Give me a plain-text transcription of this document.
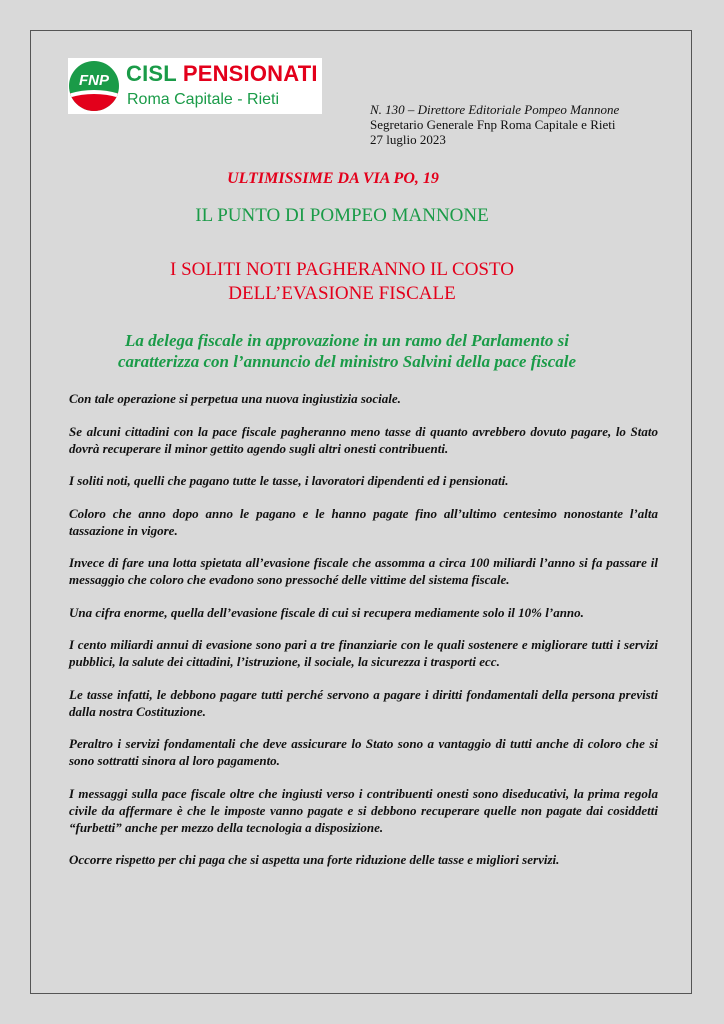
FNP CISL PENSIONATI
Roma Capitale - Rieti
N. 130 – Direttore Editoriale Pompeo Mannone
Segretario Generale Fnp Roma Capitale e Rieti
27 luglio 2023
ULTIMISSIME DA VIA PO, 19
IL PUNTO DI POMPEO MANNONE
I SOLITI NOTI PAGHERANNO IL COSTO
DELL’EVASIONE FISCALE
La delega fiscale in approvazione in un ramo del Parlamento si
caratterizza con l’annuncio del ministro Salvini della pace fiscale

Con tale operazione si perpetua una nuova ingiustizia sociale.

Se alcuni cittadini con la pace fiscale pagheranno meno tasse di quanto avrebbero dovuto pagare, lo Stato dovrà recuperare il minor gettito agendo sugli altri onesti contribuenti.

I soliti noti, quelli che pagano tutte le tasse, i lavoratori dipendenti ed i pensionati.

Coloro che anno dopo anno le pagano e le hanno pagate fino all’ultimo centesimo nonostante l’alta tassazione in vigore.

Invece di fare una lotta spietata all’evasione fiscale che assomma a circa 100 miliardi l’anno si fa passare il messaggio che coloro che evadono sono pressoché delle vittime del sistema fiscale.

Una cifra enorme, quella dell’evasione fiscale di cui si recupera mediamente solo il 10% l’anno.

I cento miliardi annui di evasione sono pari a tre finanziarie con le quali sostenere e migliorare tutti i servizi pubblici, la salute dei cittadini, l’istruzione, il sociale, la sicurezza i trasporti ecc.

Le tasse infatti, le debbono pagare tutti perché servono a pagare i diritti fondamentali della persona previsti dalla nostra Costituzione.

Peraltro i servizi fondamentali che deve assicurare lo Stato sono a vantaggio di tutti anche di coloro che si sono sottratti sinora al loro pagamento.

I messaggi sulla pace fiscale oltre che ingiusti verso i contribuenti onesti sono diseducativi, la prima regola civile da affermare è che le imposte vanno pagate e si debbono recuperare quelle non pagate dai cosiddetti “furbetti” anche per mezzo della tecnologia a disposizione.

Occorre rispetto per chi paga che si aspetta una forte riduzione delle tasse e migliori servizi.
